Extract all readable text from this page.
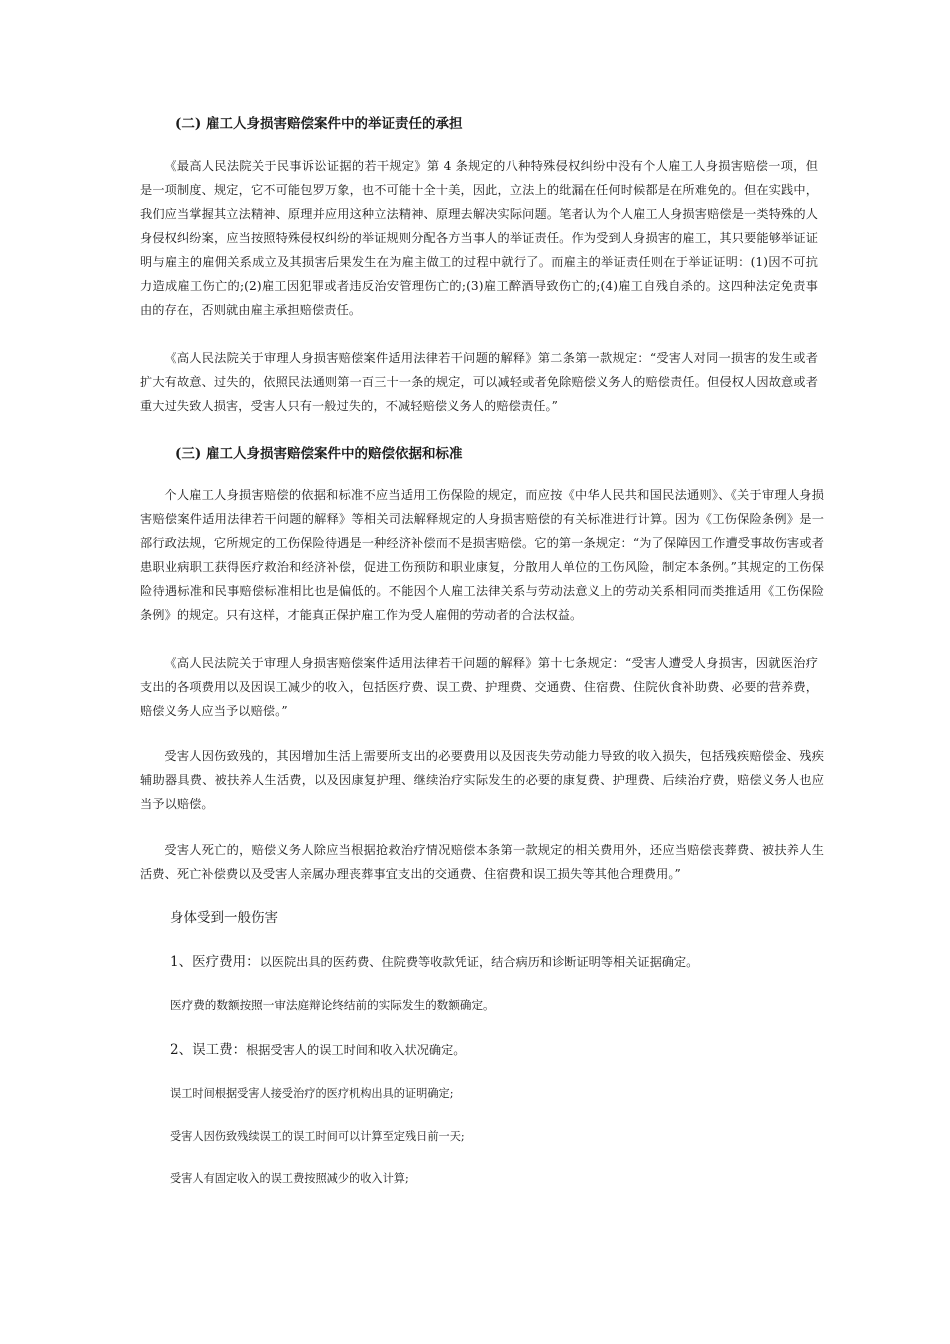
(二) 雇工人身损害赔偿案件中的举证责任的承担

《最高人民法院关于民事诉讼证据的若干规定》第 4 条规定的八种特殊侵权纠纷中没有个人雇工人身损害赔偿一项，但是一项制度、规定，它不可能包罗万象，也不可能十全十美，因此，立法上的纰漏在任何时候都是在所难免的。但在实践中，我们应当掌握其立法精神、原理并应用这种立法精神、原理去解决实际问题。笔者认为个人雇工人身损害赔偿是一类特殊的人身侵权纠纷案，应当按照特殊侵权纠纷的举证规则分配各方当事人的举证责任。作为受到人身损害的雇工，其只要能够举证证明与雇主的雇佣关系成立及其损害后果发生在为雇主做工的过程中就行了。而雇主的举证责任则在于举证证明：(1)因不可抗力造成雇工伤亡的;(2)雇工因犯罪或者违反治安管理伤亡的;(3)雇工醉酒导致伤亡的;(4)雇工自残自杀的。这四种法定免责事由的存在，否则就由雇主承担赔偿责任。

《高人民法院关于审理人身损害赔偿案件适用法律若干问题的解释》第二条第一款规定：“受害人对同一损害的发生或者扩大有故意、过失的，依照民法通则第一百三十一条的规定，可以减轻或者免除赔偿义务人的赔偿责任。但侵权人因故意或者重大过失致人损害，受害人只有一般过失的，不减轻赔偿义务人的赔偿责任。”

(三) 雇工人身损害赔偿案件中的赔偿依据和标准

个人雇工人身损害赔偿的依据和标准不应当适用工伤保险的规定，而应按《中华人民共和国民法通则》、《关于审理人身损害赔偿案件适用法律若干问题的解释》等相关司法解释规定的人身损害赔偿的有关标准进行计算。因为《工伤保险条例》是一部行政法规，它所规定的工伤保险待遇是一种经济补偿而不是损害赔偿。它的第一条规定：“为了保障因工作遭受事故伤害或者患职业病职工获得医疗救治和经济补偿，促进工伤预防和职业康复，分散用人单位的工伤风险，制定本条例。”其规定的工伤保险待遇标准和民事赔偿标准相比也是偏低的。不能因个人雇工法律关系与劳动法意义上的劳动关系相同而类推适用《工伤保险条例》的规定。只有这样，才能真正保护雇工作为受人雇佣的劳动者的合法权益。

《高人民法院关于审理人身损害赔偿案件适用法律若干问题的解释》第十七条规定：“受害人遭受人身损害，因就医治疗支出的各项费用以及因误工减少的收入，包括医疗费、误工费、护理费、交通费、住宿费、住院伙食补助费、必要的营养费，赔偿义务人应当予以赔偿。”

受害人因伤致残的，其因增加生活上需要所支出的必要费用以及因丧失劳动能力导致的收入损失，包括残疾赔偿金、残疾辅助器具费、被扶养人生活费，以及因康复护理、继续治疗实际发生的必要的康复费、护理费、后续治疗费，赔偿义务人也应当予以赔偿。

受害人死亡的，赔偿义务人除应当根据抢救治疗情况赔偿本条第一款规定的相关费用外，还应当赔偿丧葬费、被扶养人生活费、死亡补偿费以及受害人亲属办理丧葬事宜支出的交通费、住宿费和误工损失等其他合理费用。”

身体受到一般伤害
1、医疗费用：以医院出具的医药费、住院费等收款凭证，结合病历和诊断证明等相关证据确定。
医疗费的数额按照一审法庭辩论终结前的实际发生的数额确定。
2、误工费：根据受害人的误工时间和收入状况确定。
误工时间根据受害人接受治疗的医疗机构出具的证明确定;
受害人因伤致残续误工的误工时间可以计算至定残日前一天;
受害人有固定收入的误工费按照减少的收入计算;
